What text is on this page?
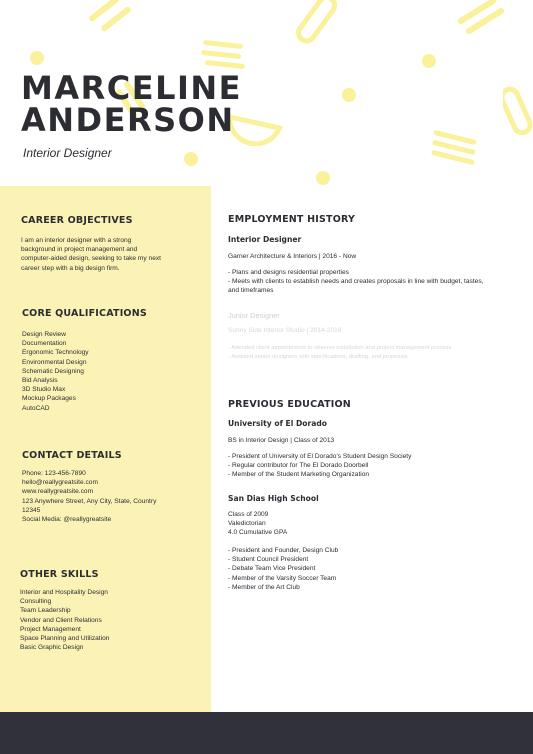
MARCELINE
ANDERSON
Interior Designer
CAREER OBJECTIVES
I am an interior designer with a strong
background in project management and
computer-aided design, seeking to take my next
career step with a big design firm.
CORE QUALIFICATIONS
Design Review
Documentation
Ergonomic Technology
Environmental Design
Schematic Designing
Bid Analysis
3D Studio Max
Mockup Packages
AutoCAD
CONTACT DETAILS
Phone: 123-456-7890
hello@reallygreatsite.com
www.reallygreatsite.com
123 Anywhere Street, Any City, State, Country
12345
Social Media: @reallygreatsite
OTHER SKILLS
Interior and Hospitality Design
Consulting
Team Leadership
Vendor and Client Relations
Project Management
Space Planning and Utilization
Basic Graphic Design
EMPLOYMENT HISTORY
Interior Designer
Garner Architecture & Interiors | 2016 - Now
- Plans and designs residential properties
- Meets with clients to establish needs and creates proposals in line with budget, tastes,
and timeframes
Junior Designer
Sunny Side Interior Studio | 2014-2016
- Attended client appointments to observe installation and project management process
- Assisted senior designers with specifications, drafting, and proposals
PREVIOUS EDUCATION
University of El Dorado
BS in Interior Design | Class of 2013
- President of University of El Dorado's Student Design Society
- Regular contributor for The El Dorado Doorbell
- Member of the Student Marketing Organization
San Dias High School
Class of 2009
Valedictorian
4.0 Cumulative GPA
- President and Founder, Design Club
- Student Council President
- Debate Team Vice President
- Member of the Varsity Soccer Team
- Member of the Art Club
